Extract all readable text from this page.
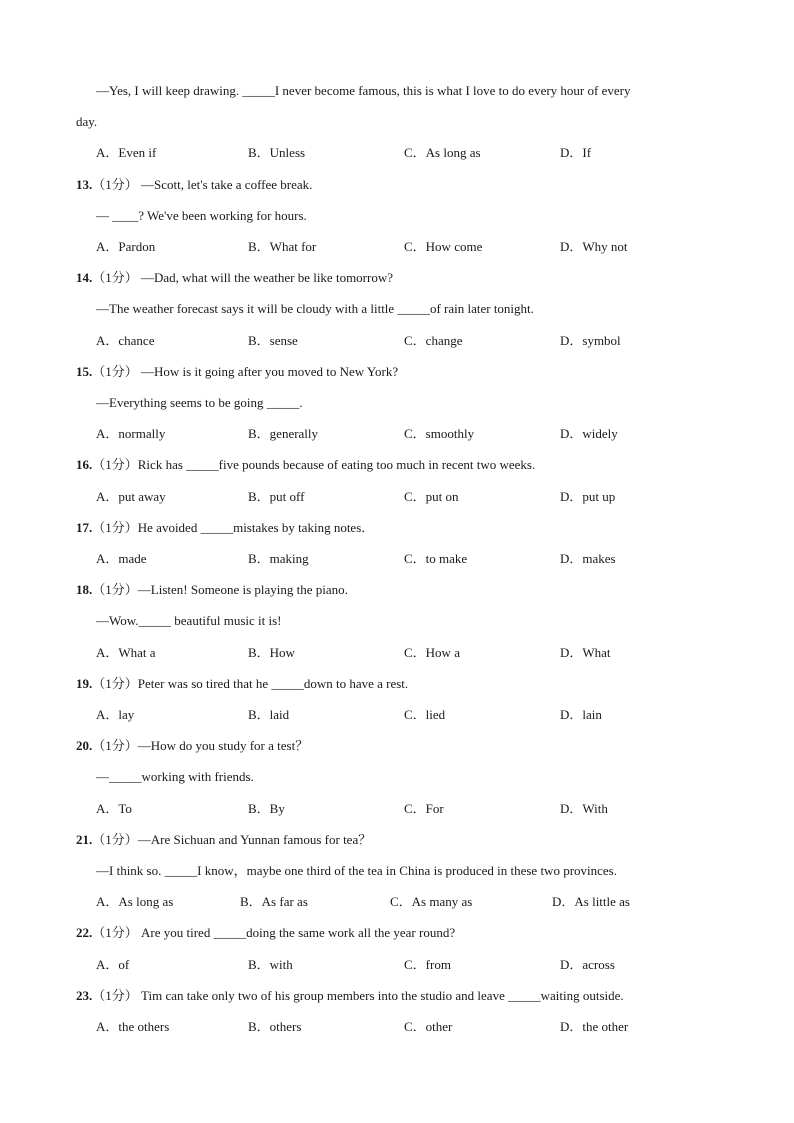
—Yes, I will keep drawing. _____I never become famous, this is what I love to do every hour of every
day.
A．Even if	B．Unless	C．As long as	D．If
13.（1分） —Scott, let's take a coffee break.
— ____? We've been working for hours.
A．Pardon	B．What for	C．How come	D．Why not
14.（1分） —Dad, what will the weather be like tomorrow?
—The weather forecast says it will be cloudy with a little _____of rain later tonight.
A．chance	B．sense	C．change	D．symbol
15.（1分） —How is it going after you moved to New York?
—Everything seems to be going _____.
A．normally	B．generally	C．smoothly	D．widely
16.（1分）Rick has _____five pounds because of eating too much in recent two weeks.
A．put away	B．put off	C．put on	D．put up
17.（1分）He avoided _____mistakes by taking notes．
A．made	B．making	C．to make	D．makes
18.（1分）—Listen! Someone is playing the piano.
—Wow._____ beautiful music it is!
A．What a	B．How	C．How a	D．What
19.（1分）Peter was so tired that he _____down to have a rest.
A．lay	B．laid	C．lied	D．lain
20.（1分）—How do you study for a test？
—_____working with friends.
A．To	B．By	C．For	D．With
21.（1分）—Are Sichuan and Yunnan famous for tea？
—I think so. _____I know，maybe one third of the tea in China is produced in these two provinces.
A．As long as	B．As far as	C．As many as	D．As little as
22.（1分） Are you tired _____doing the same work all the year round?
A．of	B．with	C．from	D．across
23.（1分） Tim can take only two of his group members into the studio and leave _____waiting outside.
A．the others	B．others	C．other	D．the other
